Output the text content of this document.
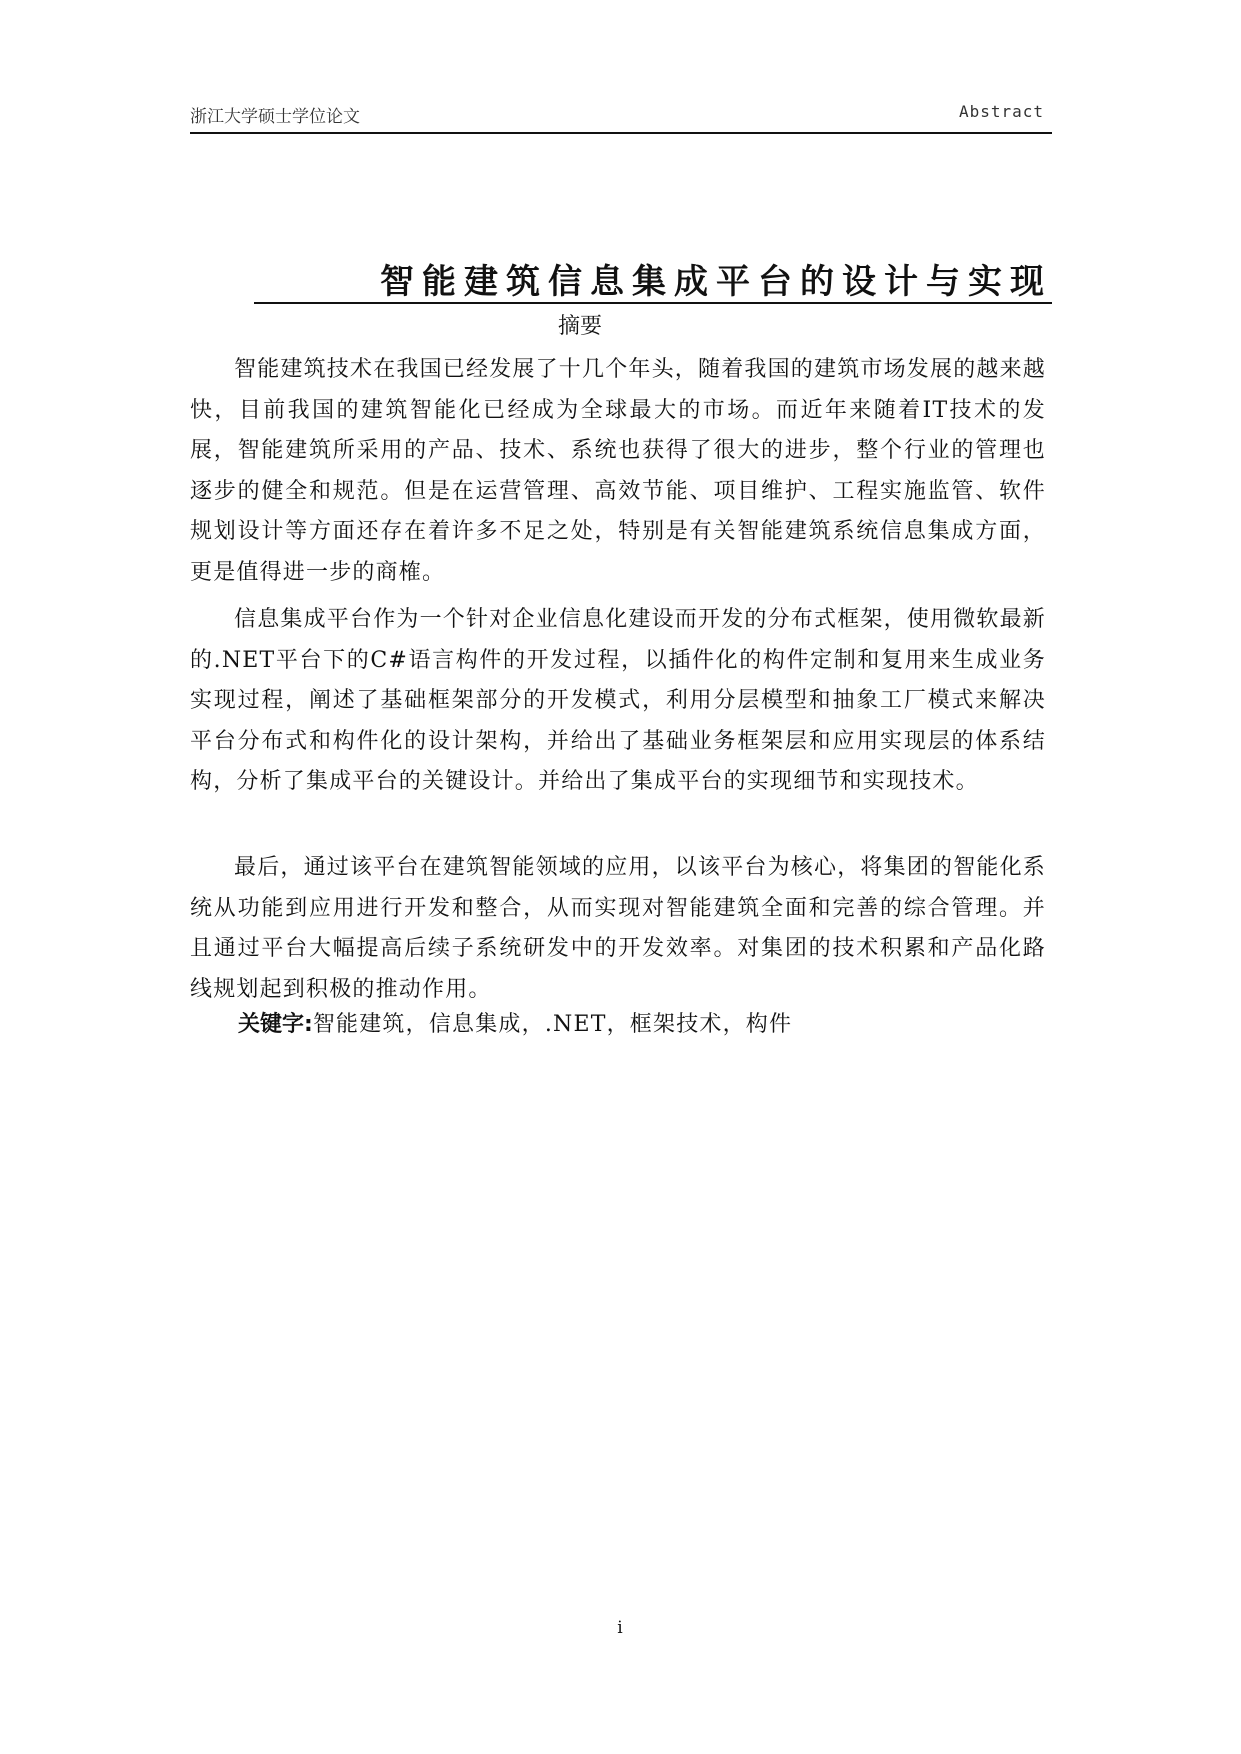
浙江大学硕士学位论文	Abstract
智能建筑信息集成平台的设计与实现
摘要
智能建筑技术在我国已经发展了十几个年头，随着我国的建筑市场发展的越来越快，目前我国的建筑智能化已经成为全球最大的市场。而近年来随着IT技术的发展，智能建筑所采用的产品、技术、系统也获得了很大的进步，整个行业的管理也逐步的健全和规范。但是在运营管理、高效节能、项目维护、工程实施监管、软件规划设计等方面还存在着许多不足之处，特别是有关智能建筑系统信息集成方面，更是值得进一步的商榷。
信息集成平台作为一个针对企业信息化建设而开发的分布式框架，使用微软最新的.NET平台下的C#语言构件的开发过程，以插件化的构件定制和复用来生成业务实现过程，阐述了基础框架部分的开发模式，利用分层模型和抽象工厂模式来解决平台分布式和构件化的设计架构，并给出了基础业务框架层和应用实现层的体系结构，分析了集成平台的关键设计。并给出了集成平台的实现细节和实现技术。
最后，通过该平台在建筑智能领域的应用，以该平台为核心，将集团的智能化系统从功能到应用进行开发和整合，从而实现对智能建筑全面和完善的综合管理。并且通过平台大幅提高后续子系统研发中的开发效率。对集团的技术积累和产品化路线规划起到积极的推动作用。
关键字:智能建筑，信息集成，.NET，框架技术，构件
i
